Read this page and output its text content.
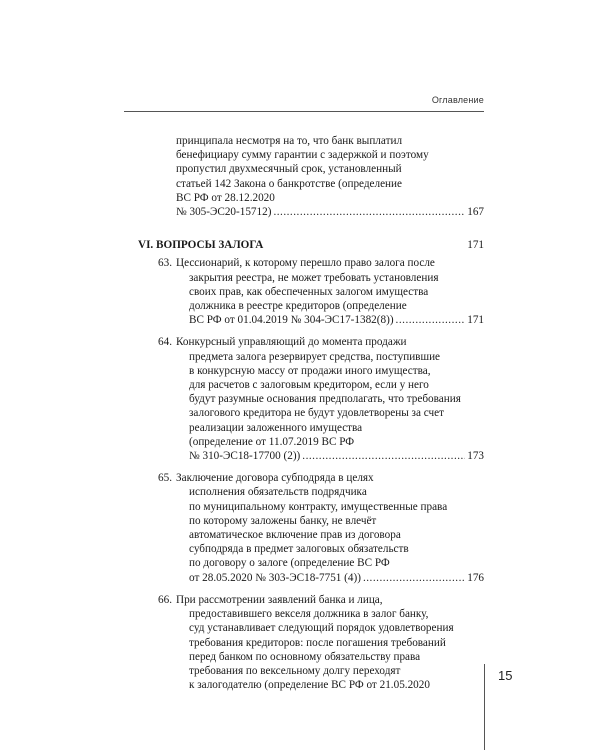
Оглавление
принципала несмотря на то, что банк выплатил
бенефициару сумму гарантии с задержкой и поэтому
пропустил двухмесячный срок, установленный
статьей 142 Закона о банкротстве (определение
ВС РФ от 28.12.2020
№ 305-ЭС20-15712) .....	167
VI. ВОПРОСЫ ЗАЛОГА	171
63. Цессионарий, к которому перешло право залога после
закрытия реестра, не может требовать установления
своих прав, как обеспеченных залогом имущества
должника в реестре кредиторов (определение
ВС РФ от 01.04.2019 № 304-ЭС17-1382(8)) .....	171
64. Конкурсный управляющий до момента продажи
предмета залога резервирует средства, поступившие
в конкурсную массу от продажи иного имущества,
для расчетов с залоговым кредитором, если у него
будут разумные основания предполагать, что требования
залогового кредитора не будут удовлетворены за счет
реализации заложенного имущества
(определение от 11.07.2019 ВС РФ
№ 310-ЭС18-17700 (2)) .....	173
65. Заключение договора субподряда в целях
исполнения обязательств подрядчика
по муниципальному контракту, имущественные права
по которому заложены банку, не влечёт
автоматическое включение прав из договора
субподряда в предмет залоговых обязательств
по договору о залоге (определение ВС РФ
от 28.05.2020 № 303-ЭС18-7751 (4)) .....	176
66. При рассмотрении заявлений банка и лица,
предоставившего векселя должника в залог банку,
суд устанавливает следующий порядок удовлетворения
требования кредиторов: после погашения требований
перед банком по основному обязательству права
требования по вексельному долгу переходят
к залогодателю (определение ВС РФ от 21.05.2020
15
